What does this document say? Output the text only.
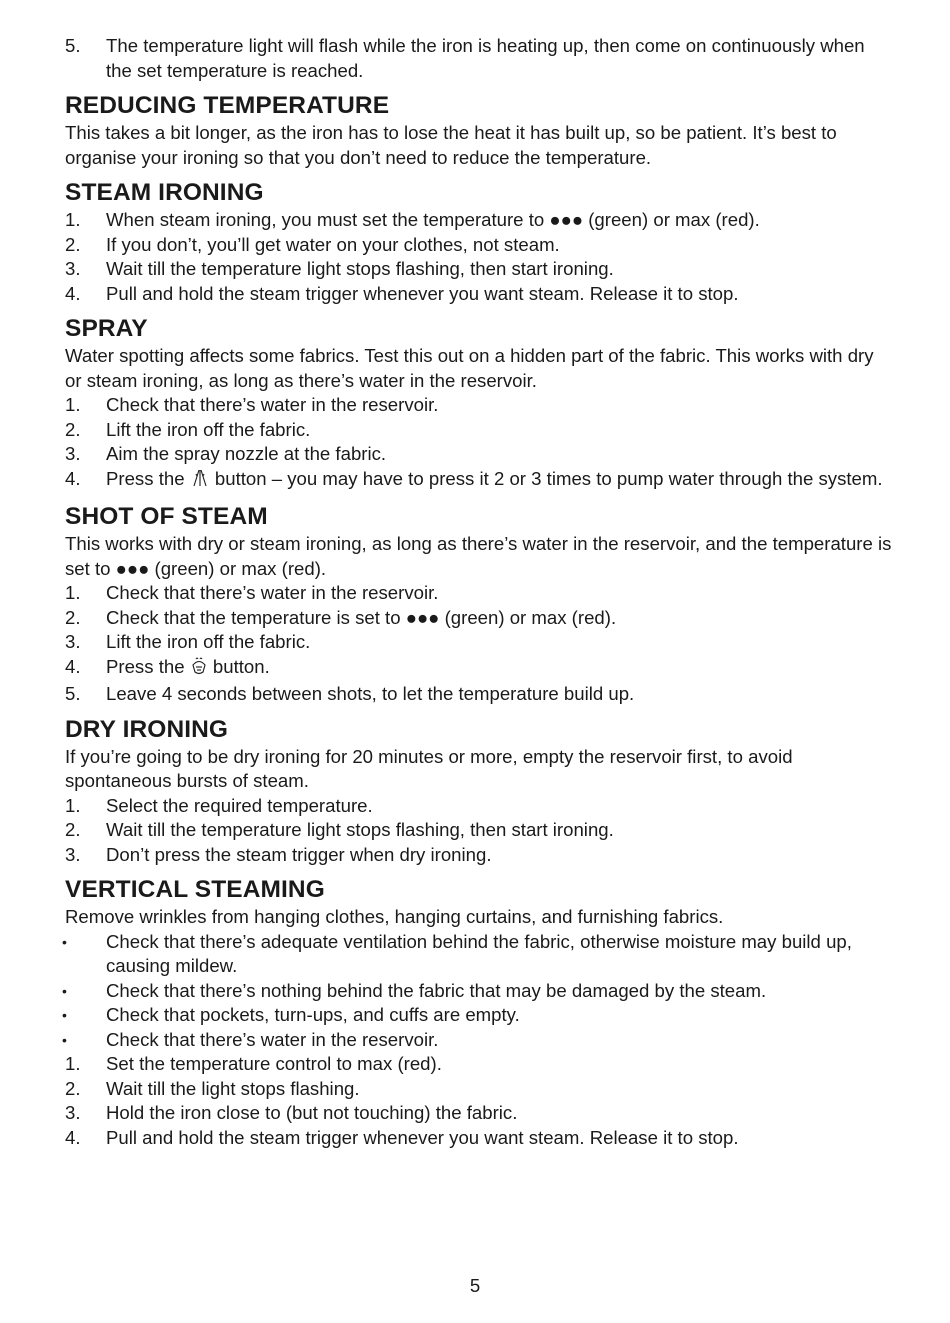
5. The temperature light will flash while the iron is heating up, then come on continuously when the set temperature is reached.
REDUCING TEMPERATURE
This takes a bit longer, as the iron has to lose the heat it has built up, so be patient. It’s best to organise your ironing so that you don’t need to reduce the temperature.
STEAM IRONING
1. When steam ironing, you must set the temperature to ●●● (green) or max (red).
2. If you don’t, you’ll get water on your clothes, not steam.
3. Wait till the temperature light stops flashing, then start ironing.
4. Pull and hold the steam trigger whenever you want steam. Release it to stop.
SPRAY
Water spotting affects some fabrics. Test this out on a hidden part of the fabric. This works with dry or steam ironing, as long as there’s water in the reservoir.
1. Check that there’s water in the reservoir.
2. Lift the iron off the fabric.
3. Aim the spray nozzle at the fabric.
4. Press the  button – you may have to press it 2 or 3 times to pump water through the system.
SHOT OF STEAM
This works with dry or steam ironing, as long as there’s water in the reservoir, and the temperature is set to ●●● (green) or max (red).
1. Check that there’s water in the reservoir.
2. Check that the temperature is set to ●●● (green) or max (red).
3. Lift the iron off the fabric.
4. Press the  button.
5. Leave 4 seconds between shots, to let the temperature build up.
DRY IRONING
If you’re going to be dry ironing for 20 minutes or more, empty the reservoir first, to avoid spontaneous bursts of steam.
1. Select the required temperature.
2. Wait till the temperature light stops flashing, then start ironing.
3. Don’t press the steam trigger when dry ironing.
VERTICAL STEAMING
Remove wrinkles from hanging clothes, hanging curtains, and furnishing fabrics.
• Check that there’s adequate ventilation behind the fabric, otherwise moisture may build up, causing mildew.
• Check that there’s nothing behind the fabric that may be damaged by the steam.
• Check that pockets, turn-ups, and cuffs are empty.
• Check that there’s water in the reservoir.
1. Set the temperature control to max (red).
2. Wait till the light stops flashing.
3. Hold the iron close to (but not touching) the fabric.
4. Pull and hold the steam trigger whenever you want steam. Release it to stop.
5
